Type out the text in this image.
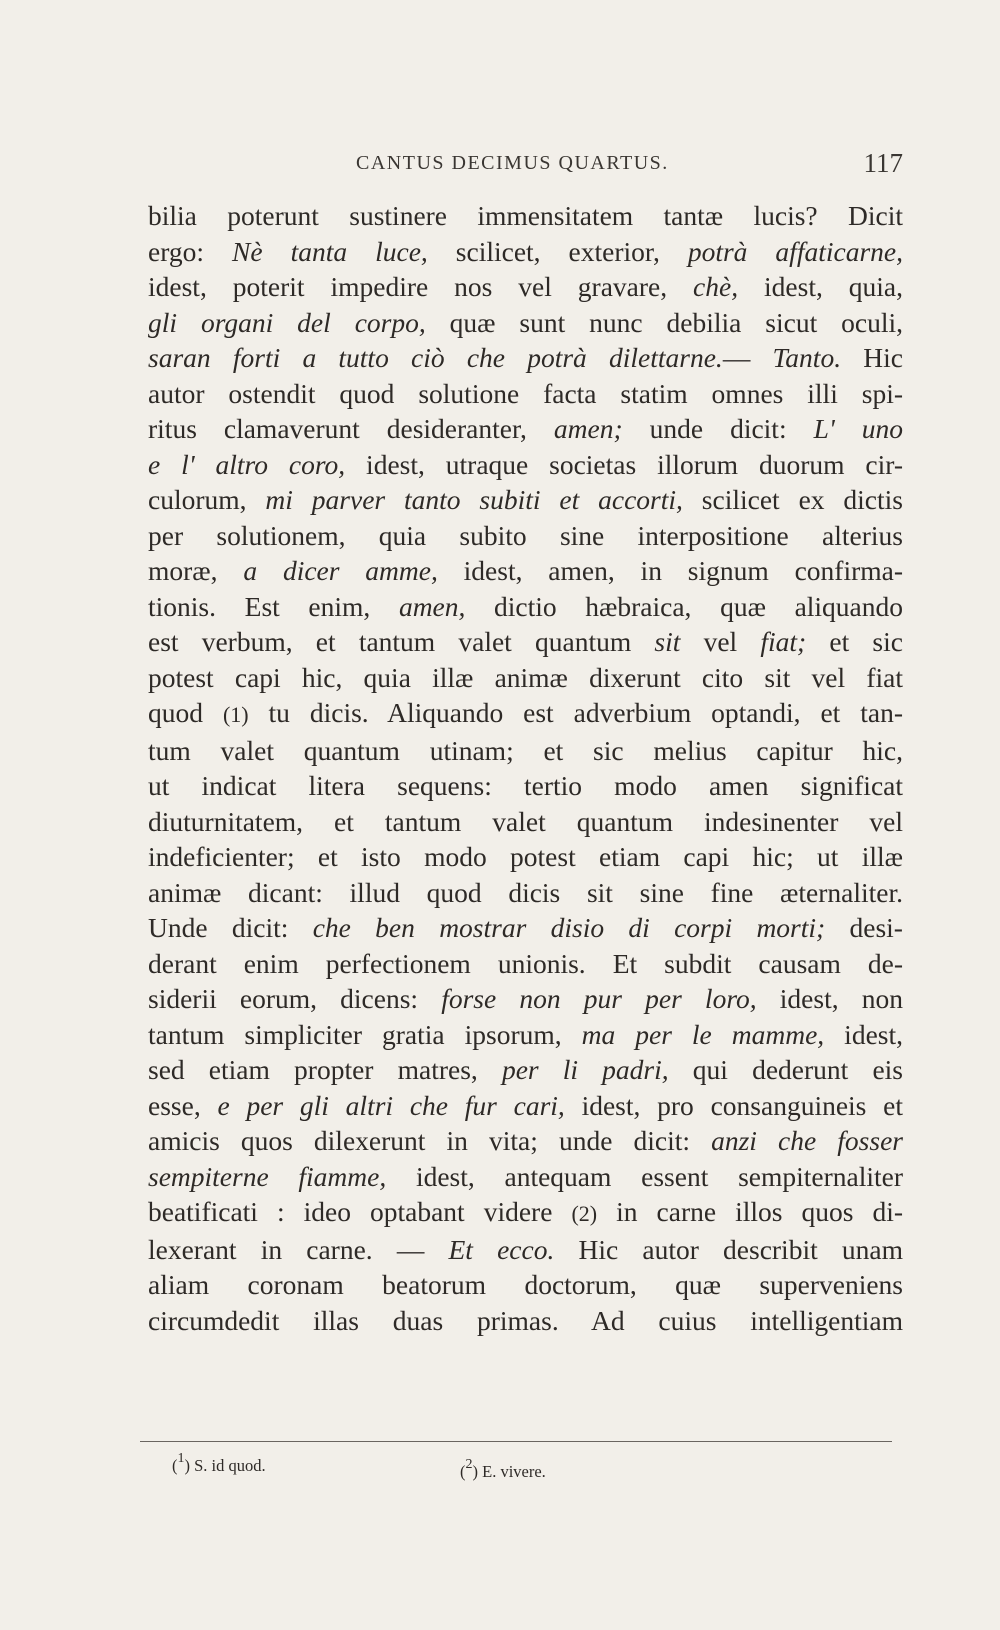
CANTUS DECIMUS QUARTUS.	117
bilia poterunt sustinere immensitatem tantæ lucis? Dicit
ergo: Nè tanta luce, scilicet, exterior, potrà affaticarne,
idest, poterit impedire nos vel gravare, chè, idest, quia,
gli organi del corpo, quæ sunt nunc debilia sicut oculi,
saran forti a tutto ciò che potrà dilettarne.— Tanto. Hic
autor ostendit quod solutione facta statim omnes illi spi-
ritus clamaverunt desideranter, amen; unde dicit: L' uno
e l' altro coro, idest, utraque societas illorum duorum cir-
culorum, mi parver tanto subiti et accorti, scilicet ex dictis
per solutionem, quia subito sine interpositione alterius
moræ, a dicer amme, idest, amen, in signum confirma-
tionis. Est enim, amen, dictio hæbraica, quæ aliquando
est verbum, et tantum valet quantum sit vel fiat; et sic
potest capi hic, quia illæ animæ dixerunt cito sit vel fiat
quod (1) tu dicis. Aliquando est adverbium optandi, et tan-
tum valet quantum utinam; et sic melius capitur hic,
ut indicat litera sequens: tertio modo amen significat
diuturnitatem, et tantum valet quantum indesinenter vel
indeficienter; et isto modo potest etiam capi hic; ut illæ
animæ dicant: illud quod dicis sit sine fine æternaliter.
Unde dicit: che ben mostrar disio di corpi morti; desi-
derant enim perfectionem unionis. Et subdit causam de-
siderii eorum, dicens: forse non pur per loro, idest, non
tantum simpliciter gratia ipsorum, ma per le mamme, idest,
sed etiam propter matres, per li padri, qui dederunt eis
esse, e per gli altri che fur cari, idest, pro consanguineis et
amicis quos dilexerunt in vita; unde dicit: anzi che fosser
sempiterne fiamme, idest, antequam essent sempiternaliter
beatificati : ideo optabant videre (2) in carne illos quos di-
lexerant in carne. — Et ecco. Hic autor describit unam
aliam coronam beatorum doctorum, quæ superveniens
circumdedit illas duas primas. Ad cuius intelligentiam
($^1$) S. id quod.	($^2$) E. vivere.
